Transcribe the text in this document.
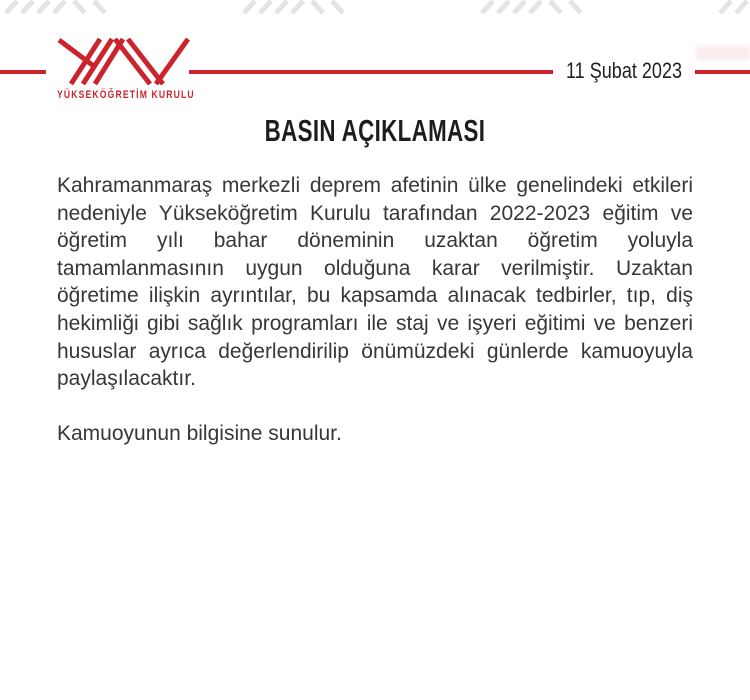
YÜKSEKÖĞRETİM KURULU
11 Şubat 2023
BASIN AÇIKLAMASI

Kahramanmaraş merkezli deprem afetinin ülke genelindeki etkileri nedeniyle Yükseköğretim Kurulu tarafından 2022-2023 eğitim ve öğretim yılı bahar döneminin uzaktan öğretim yoluyla tamamlanmasının uygun olduğuna karar verilmiştir. Uzaktan öğretime ilişkin ayrıntılar, bu kapsamda alınacak tedbirler, tıp, diş hekimliği gibi sağlık programları ile staj ve işyeri eğitimi ve benzeri hususlar ayrıca değerlendirilip önümüzdeki günlerde kamuoyuyla paylaşılacaktır.

Kamuoyunun bilgisine sunulur.
